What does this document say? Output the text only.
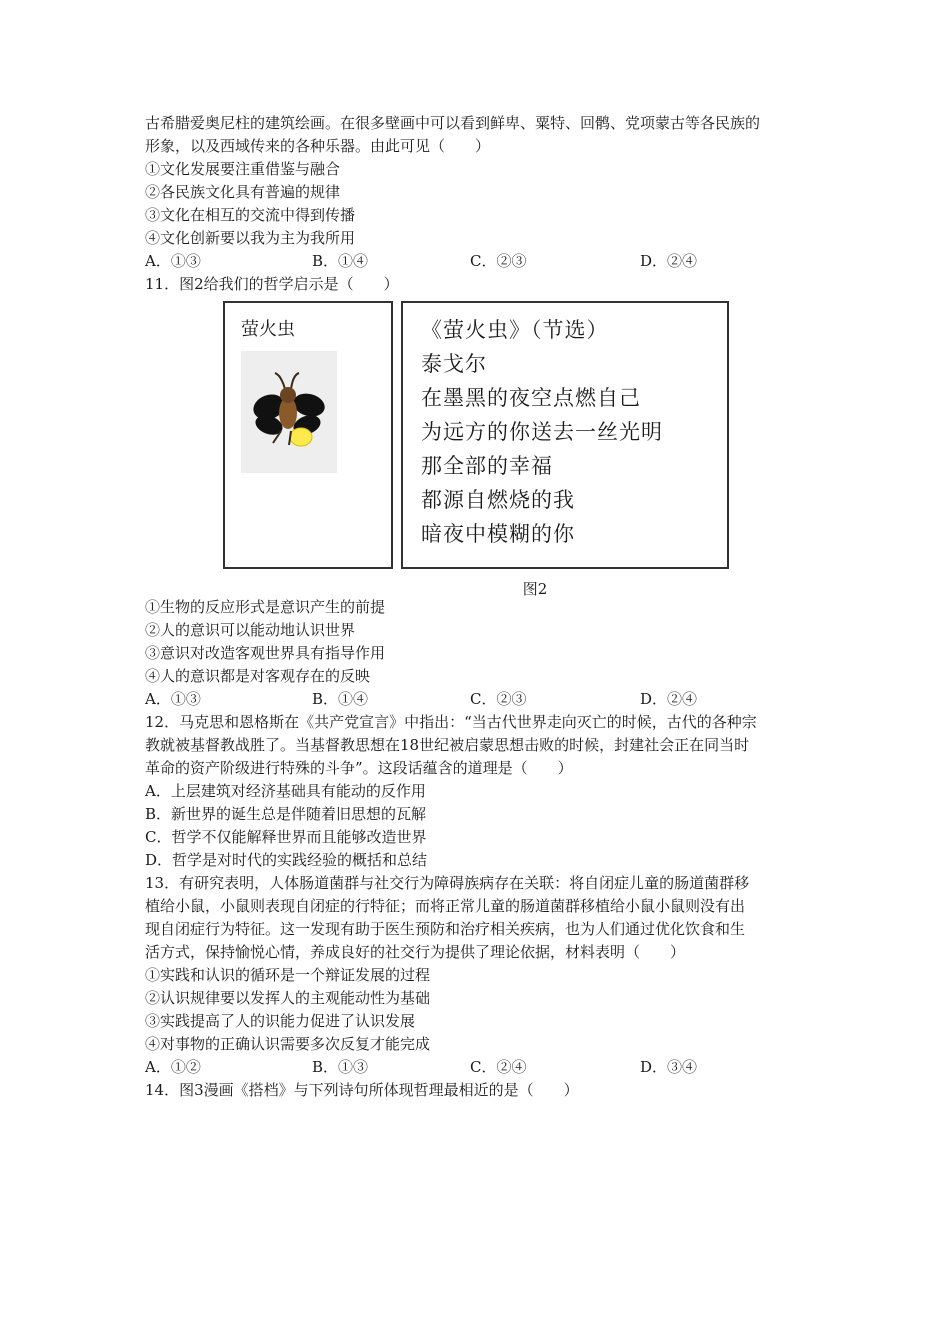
古希腊爱奥尼柱的建筑绘画。在很多壁画中可以看到鲜卑、粟特、回鹘、党项蒙古等各民族的
形象，以及西域传来的各种乐器。由此可见（　　）
①文化发展要注重借鉴与融合
②各民族文化具有普遍的规律
③文化在相互的交流中得到传播
④文化创新要以我为主为我所用
A．①③	B．①④	C．②③	D．②④
11．图2给我们的哲学启示是（　　）
萤火虫	《萤火虫》（节选）
泰戈尔
在墨黑的夜空点燃自己
为远方的你送去一丝光明
那全部的幸福
都源自燃烧的我
暗夜中模糊的你
图2
①生物的反应形式是意识产生的前提
②人的意识可以能动地认识世界
③意识对改造客观世界具有指导作用
④人的意识都是对客观存在的反映
A．①③	B．①④	C．②③	D．②④
12．马克思和恩格斯在《共产党宣言》中指出：“当古代世界走向灭亡的时候，古代的各种宗
教就被基督教战胜了。当基督教思想在18世纪被启蒙思想击败的时候，封建社会正在同当时
革命的资产阶级进行特殊的斗争”。这段话蕴含的道理是（　　）
A．上层建筑对经济基础具有能动的反作用
B．新世界的诞生总是伴随着旧思想的瓦解
C．哲学不仅能解释世界而且能够改造世界
D．哲学是对时代的实践经验的概括和总结
13．有研究表明，人体肠道菌群与社交行为障碍族病存在关联：将自闭症儿童的肠道菌群移
植给小鼠，小鼠则表现自闭症的行特征；而将正常儿童的肠道菌群移植给小鼠小鼠则没有出
现自闭症行为特征。这一发现有助于医生预防和治疗相关疾病，也为人们通过优化饮食和生
活方式，保持愉悦心情，养成良好的社交行为提供了理论依据，材料表明（　　）
①实践和认识的循环是一个辩证发展的过程
②认识规律要以发挥人的主观能动性为基础
③实践提高了人的识能力促进了认识发展
④对事物的正确认识需要多次反复才能完成
A．①②	B．①③	C．②④	D．③④
14．图3漫画《搭档》与下列诗句所体现哲理最相近的是（　　）
